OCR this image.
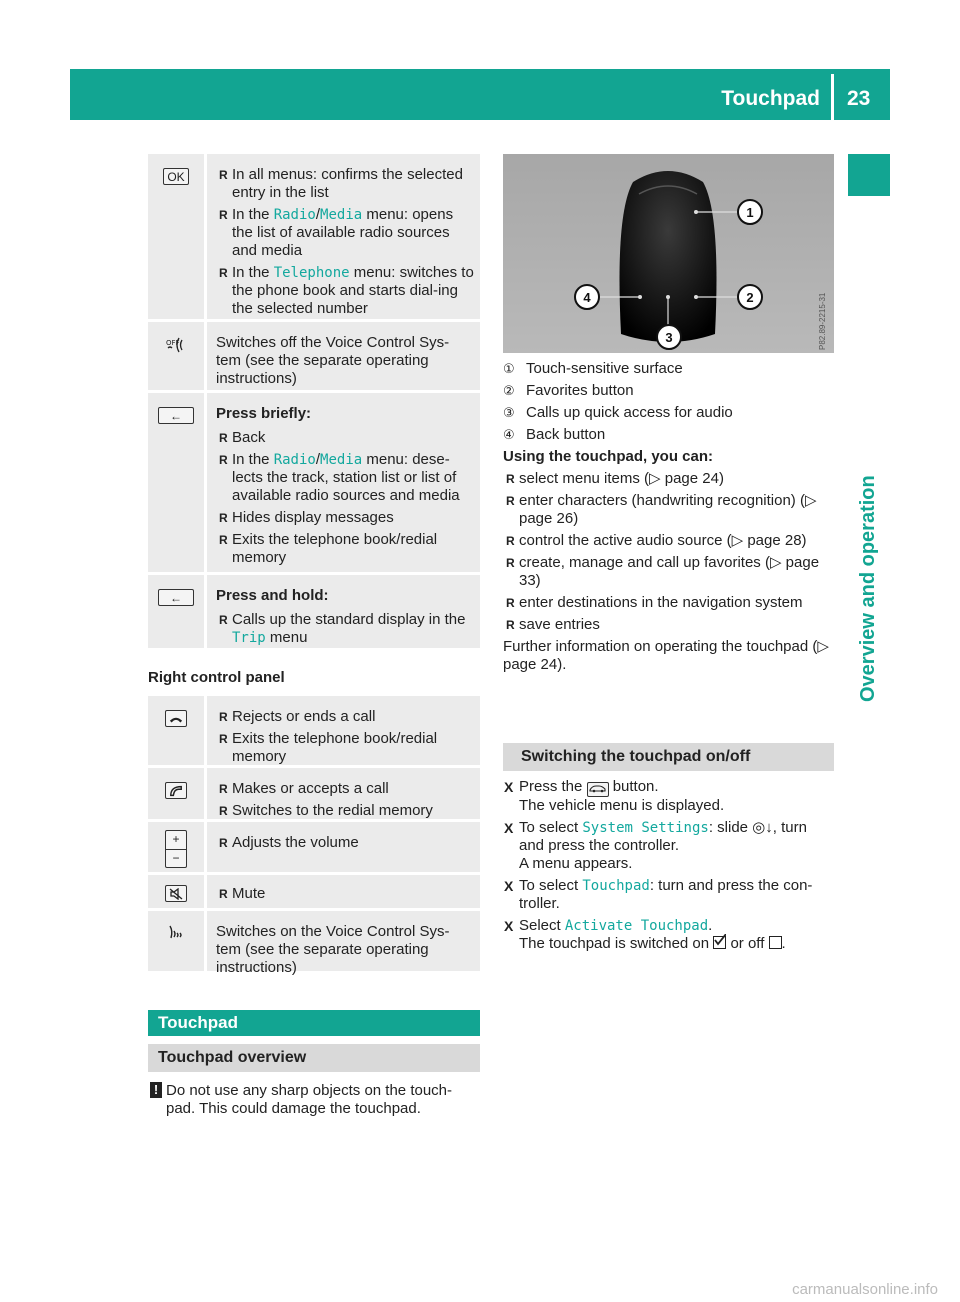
Touchpad 23
Overview and operation
OK
R	In all menus: confirms the selected entry in the list
R In the Radio/Media menu: opens the list of available radio sources and media
R In the Telephone menu: switches to the phone book and starts dial-ing the selected number
OFF	Switches off the Voice Control Sys-tem (see the separate operating instructions)
←	Press briefly:
R Back
R In the Radio/Media menu: dese-lects the track, station list or list of available radio sources and media
R Hides display messages
R Exits the telephone book/redial memory
←	Press and hold:
R Calls up the standard display in the Trip menu
Right control panel
R Rejects or ends a call
R Exits the telephone book/redial memory
R Makes or accepts a call
R Switches to the redial memory
+
−
R Adjusts the volume
R Mute
Switches on the Voice Control Sys-tem (see the separate operating instructions)
Touchpad
Touchpad overview
! Do not use any sharp objects on the touch-pad. This could damage the touchpad.
1
2
3
4	P82.89-2215-31
① Touch-sensitive surface
② Favorites button
③ Calls up quick access for audio
④ Back button
Using the touchpad, you can:
R select menu items (▷ page 24)
R enter characters (handwriting recognition) (▷ page 26)
R control the active audio source (▷ page 28)
R create, manage and call up favorites (▷ page 33)
R enter destinations in the navigation system
R save entries
Further information on operating the touchpad (▷ page 24).
Switching the touchpad on/off
X Press the  button.
The vehicle menu is displayed.
X To select System Settings: slide ◎↓, turn and press the controller.
A menu appears.
X To select Touchpad: turn and press the con-troller.
X Select Activate Touchpad.
The touchpad is switched on
or off .
carmanualsonline.info
